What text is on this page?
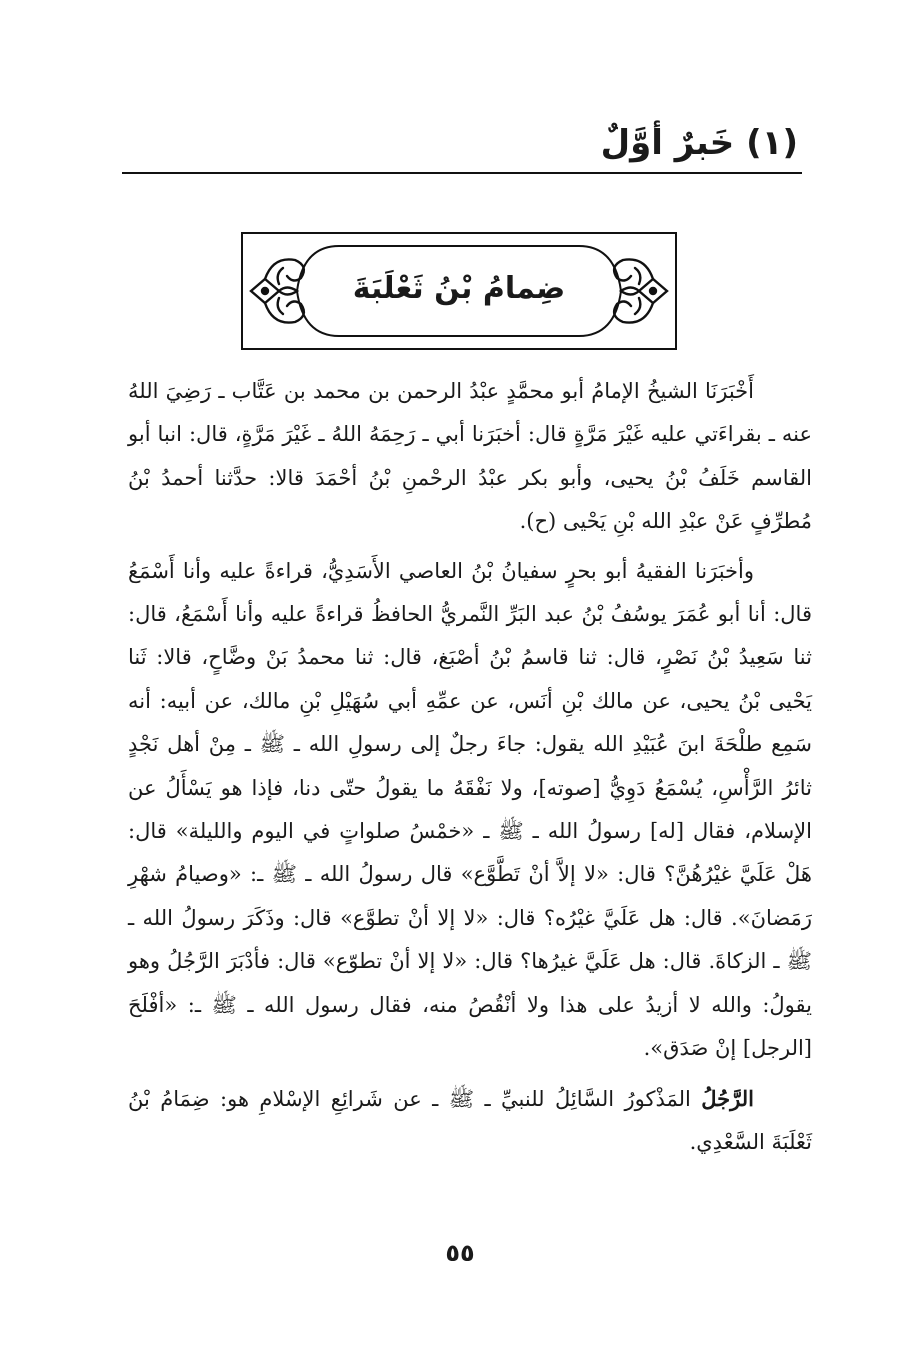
(١) خَبرٌ أوَّلٌ
ضِمامُ بْنُ ثَعْلَبَةَ

أَخْبَرَنَا الشيخُ الإمامُ أبو محمَّدٍ عبْدُ الرحمن بن محمد بن عَتَّاب ـ رَضِيَ اللهُ عنه ـ بقراءَتي عليه غَيْرَ مَرَّةٍ قال: أخبَرَنا أبي ـ رَحِمَهُ اللهُ ـ غَيْرَ مَرَّةٍ، قال: انبا أبو القاسم خَلَفُ بْنُ يحيى، وأبو بكر عبْدُ الرحْمنِ بْنُ أحْمَدَ قالا: حدَّثنا أحمدُ بْنُ مُطرِّفٍ عَنْ عبْدِ الله بْنِ يَحْيى (ح).

وأخبَرَنا الفقيهُ أبو بحرٍ سفيانُ بْنُ العاصي الأَسَدِيُّ، قراءةً عليه وأنا أَسْمَعُ قال: أنا أبو عُمَرَ يوسُفُ بْنُ عبد البَرِّ النَّمريُّ الحافظُ قراءةً عليه وأنا أَسْمَعُ، قال: ثنا سَعِيدُ بْنُ نَصْرٍ، قال: ثنا قاسمُ بْنُ أصْبَغ، قال: ثنا محمدُ بَنْ وضَّاحٍ، قالا: ثَنا يَحْيى بْنُ يحيى، عن مالك بْنِ أنَس، عن عمِّهِ أبي سُهَيْلِ بْنِ مالك، عن أبيه: أنه سَمِع طلْحَةَ ابنَ عُبَيْدِ الله يقول: جاءَ رجلٌ إلى رسولِ الله ـ ﷺ ـ مِنْ أهل نَجْدٍ ثائرُ الرَّأْسِ، يُسْمَعُ دَوِيُّ [صوته]، ولا نَفْقَهُ ما يقولُ حتّى دنا، فإذا هو يَسْأَلُ عن الإسلام، فقال [له] رسولُ الله ـ ﷺ ـ «خمْسُ صلواتٍ في اليوم والليلة» قال: هَلْ عَلَيَّ غيْرُهُنَّ؟ قال: «لا إلاَّ أنْ تَطَّوَّع» قال رسولُ الله ـ ﷺ ـ: «وصيامُ شهْرِ رَمَضانَ». قال: هل عَلَيَّ غيْرُه؟ قال: «لا إلا أنْ تطوَّع» قال: وذَكَرَ رسولُ الله ـ ﷺ ـ الزكاةَ. قال: هل عَلَيَّ غيرُها؟ قال: «لا إلا أنْ تطوّع» قال: فأدْبَرَ الرَّجُلُ وهو يقولُ: والله لا أزيدُ على هذا ولا أنْقُصُ منه، فقال رسول الله ـ ﷺ ـ: «أفْلَحَ [الرجل] إنْ صَدَق».

الرَّجُلُ المَذْكورُ السَّائِلُ للنبيِّ ـ ﷺ ـ عن شَرائِعِ الإسْلامِ هو: ضِمَامُ بْنُ ثَعْلَبَةَ السَّعْدِي.

٥٥
